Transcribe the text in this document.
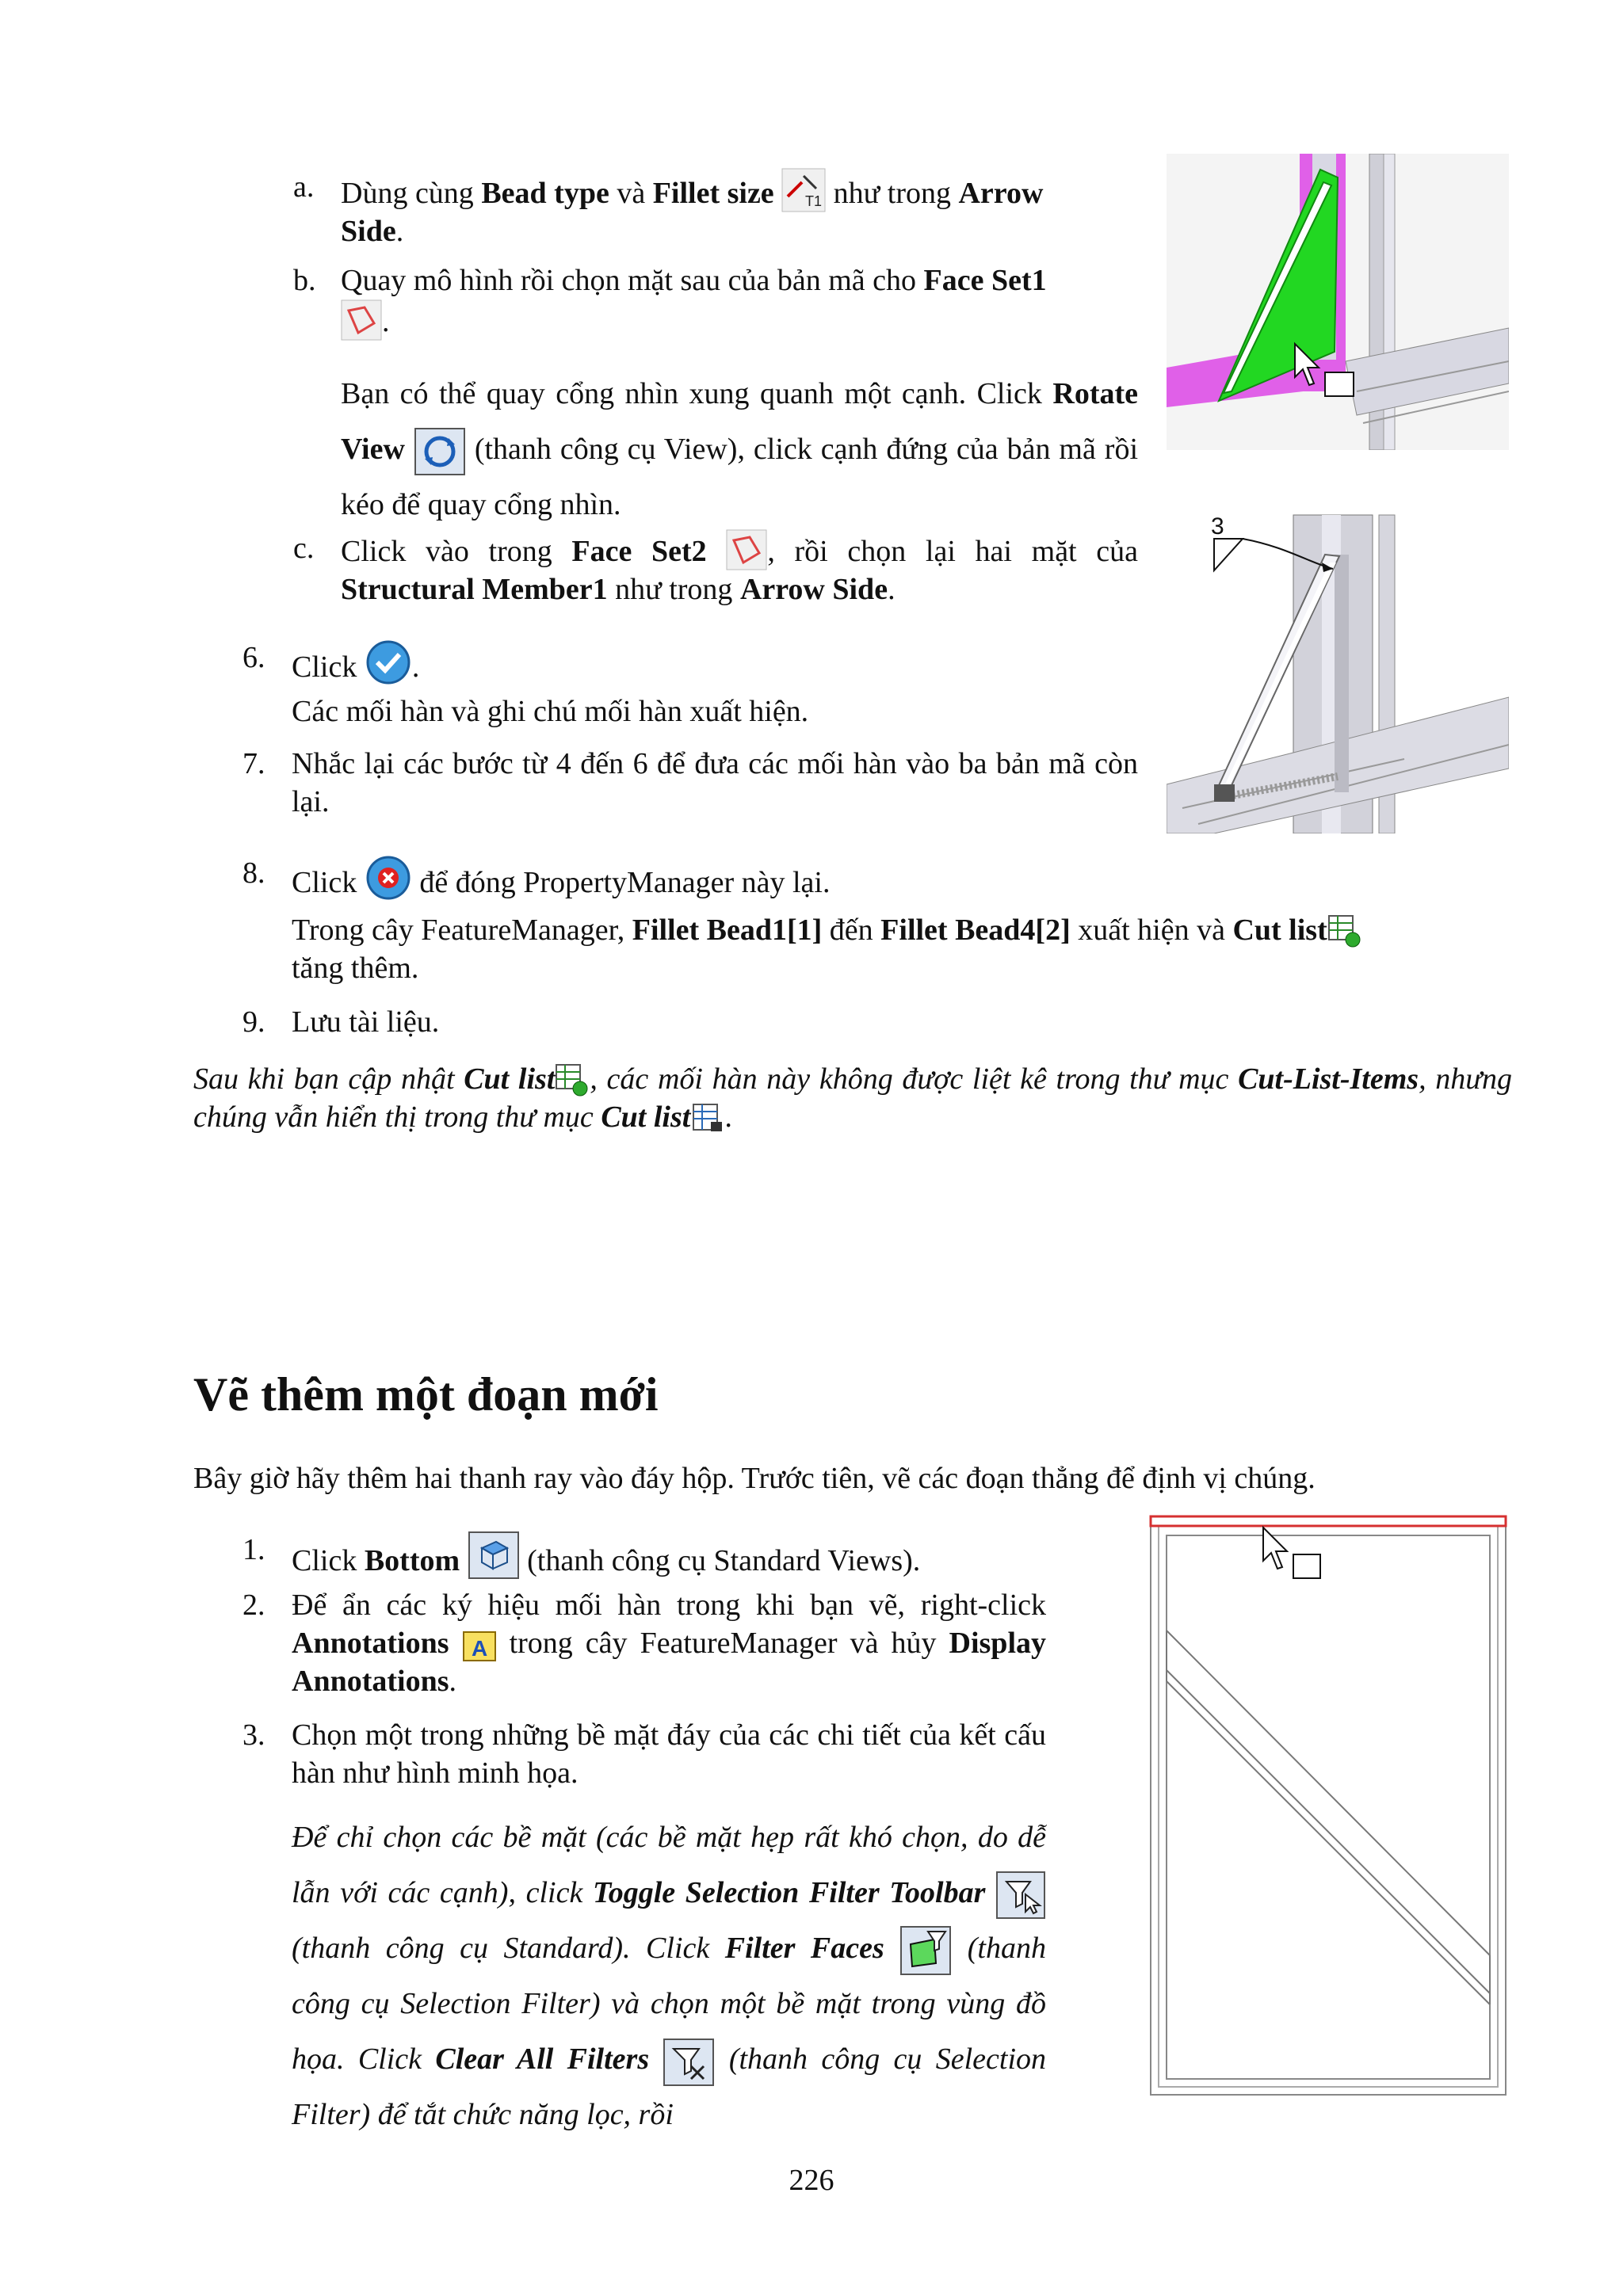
a. Dùng cùng Bead type và Fillet size T1 như trong Arrow
Side.
b. Quay mô hình rồi chọn mặt sau của bản mã cho Face Set1

.
Bạn có thể quay cổng nhìn xung quanh một cạnh. Click Rotate View (thanh công cụ View), click cạnh đứng của bản mã rồi kéo để quay cổng nhìn.
c. Click vào trong Face Set2 , rồi chọn lại hai mặt của Structural Member1 như trong Arrow Side.
6. Click .
Các mối hàn và ghi chú mối hàn xuất hiện.
7. Nhắc lại các bước từ 4 đến 6 để đưa các mối hàn vào ba bản mã còn lại.
8. Click để đóng PropertyManager này lại.
Trong cây FeatureManager, Fillet Bead1[1] đến Fillet Bead4[2] xuất hiện và Cut list

tăng thêm.
9. Lưu tài liệu.
Sau khi bạn cập nhật Cut list , các mối hàn này không được liệt kê trong thư mục Cut-List-Items, nhưng chúng vẫn hiển thị trong thư mục Cut list .
3
Vẽ thêm một đoạn mới
Bây giờ hãy thêm hai thanh ray vào đáy hộp. Trước tiên, vẽ các đoạn thẳng để định vị chúng.
1. Click Bottom (thanh công cụ Standard Views).
2. Để ẩn các ký hiệu mối hàn trong khi bạn vẽ, right-click Annotations A trong cây FeatureManager và hủy Display Annotations.
3. Chọn một trong những bề mặt đáy của các chi tiết của kết cấu hàn như hình minh họa.
Để chỉ chọn các bề mặt (các bề mặt hẹp rất khó chọn, do dễ lẫn với các cạnh), click Toggle Selection Filter Toolbar
(thanh công cụ Standard). Click Filter Faces	(thanh công cụ Selection Filter) và chọn một bề mặt trong vùng đồ họa. Click Clear All Filters	(thanh công cụ Selection Filter) để tắt chức năng lọc, rồi
226
